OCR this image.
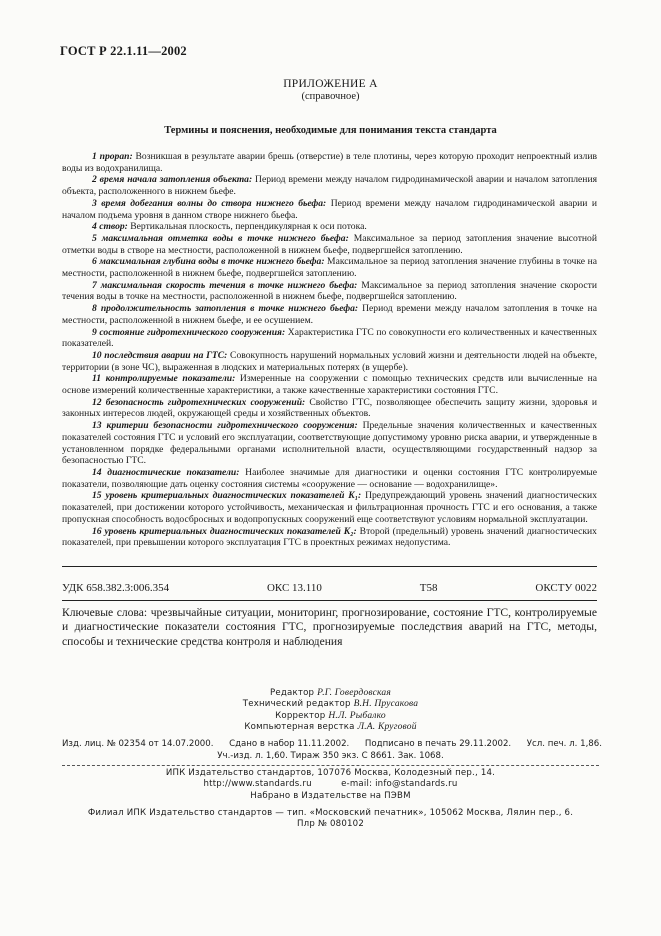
ГОСТ Р 22.1.11—2002
ПРИЛОЖЕНИЕ А
(справочное)
Термины и пояснения, необходимые для понимания текста стандарта

1 прораn: Возникшая в результате аварии брешь (отверстие) в теле плотины, через которую проходит непроектный излив воды из водохранилища.

2 время начала затопления объекта: Период времени между началом гидродинамической аварии и началом затопления объекта, расположенного в нижнем бьефе.

3 время добегания волны до створа нижнего бьефа: Период времени между началом гидродинамической аварии и началом подъема уровня в данном створе нижнего бьефа.

4 створ: Вертикальная плоскость, перпендикулярная к оси потока.

5 максимальная отметка воды в точке нижнего бьефа: Максимальное за период затопления значение высотной отметки воды в створе на местности, расположенной в нижнем бьефе, подвергшейся затоплению.

6 максимальная глубина воды в точке нижнего бьефа: Максимальное за период затопления значение глубины в точке на местности, расположенной в нижнем бьефе, подвергшейся затоплению.

7 максимальная скорость течения в точке нижнего бьефа: Максимальное за период затопления значение скорости течения воды в точке на местности, расположенной в нижнем бьефе, подвергшейся затоплению.

8 продолжительность затопления в точке нижнего бьефа: Период времени между началом затопления в точке на местности, расположенной в нижнем бьефе, и ее осушением.

9 состояние гидротехнического сооружения: Характеристика ГТС по совокупности его количественных и качественных показателей.

10 последствия аварии на ГТС: Совокупность нарушений нормальных условий жизни и деятельности людей на объекте, территории (в зоне ЧС), выраженная в людских и материальных потерях (в ущербе).

11 контролируемые показатели: Измеренные на сооружении с помощью технических средств или вычисленные на основе измерений количественные характеристики, а также качественные характеристики состояния ГТС.

12 безопасность гидротехнических сооружений: Свойство ГТС, позволяющее обеспечить защиту жизни, здоровья и законных интересов людей, окружающей среды и хозяйственных объектов.

13 критерии безопасности гидротехнического сооружения: Предельные значения количественных и качественных показателей состояния ГТС и условий его эксплуатации, соответствующие допустимому уровню риска аварии, и утвержденные в установленном порядке федеральными органами исполнительной власти, осуществляющими государственный надзор за безопасностью ГТС.

14 диагностические показатели: Наиболее значимые для диагностики и оценки состояния ГТС контролируемые показатели, позволяющие дать оценку состояния системы «сооружение — основание — водохранилище».

15 уровень критериальных диагностических показателей K₁: Предупреждающий уровень значений диагностических показателей, при достижении которого устойчивость, механическая и фильтрационная прочность ГТС и его основания, а также пропускная способность водосбросных и водопропускных сооружений еще соответствуют условиям нормальной эксплуатации.

16 уровень критериальных диагностических показателей K₂: Второй (предельный) уровень значений диагностических показателей, при превышении которого эксплуатация ГТС в проектных режимах недопустима.

УДК 658.382.3:006.354	ОКС 13.110	Т58	ОКСТУ 0022
Ключевые слова: чрезвычайные ситуации, мониторинг, прогнозирование, состояние ГТС, контролируемые и диагностические показатели состояния ГТС, прогнозируемые последствия аварий на ГТС, методы, способы и технические средства контроля и наблюдения
Редактор Р.Г. Говердовская
Технический редактор В.Н. Прусакова
Корректор Н.Л. Рыбалко
Компьютерная верстка Л.А. Круговой
Изд. лиц. № 02354 от 14.07.2000. Сдано в набор 11.11.2002. Подписано в печать 29.11.2002. Усл. печ. л. 1,86.
Уч.-изд. л. 1,60. Тираж 350 экз. С 8661. Зак. 1068.
ИПК Издательство стандартов, 107076 Москва, Колодезный пер., 14.
http://www.standards.ru          e-mail: info@standards.ru
Набрано в Издательстве на ПЭВМ
Филиал ИПК Издательство стандартов — тип. «Московский печатник», 105062 Москва, Лялин пер., 6.
Плр № 080102
